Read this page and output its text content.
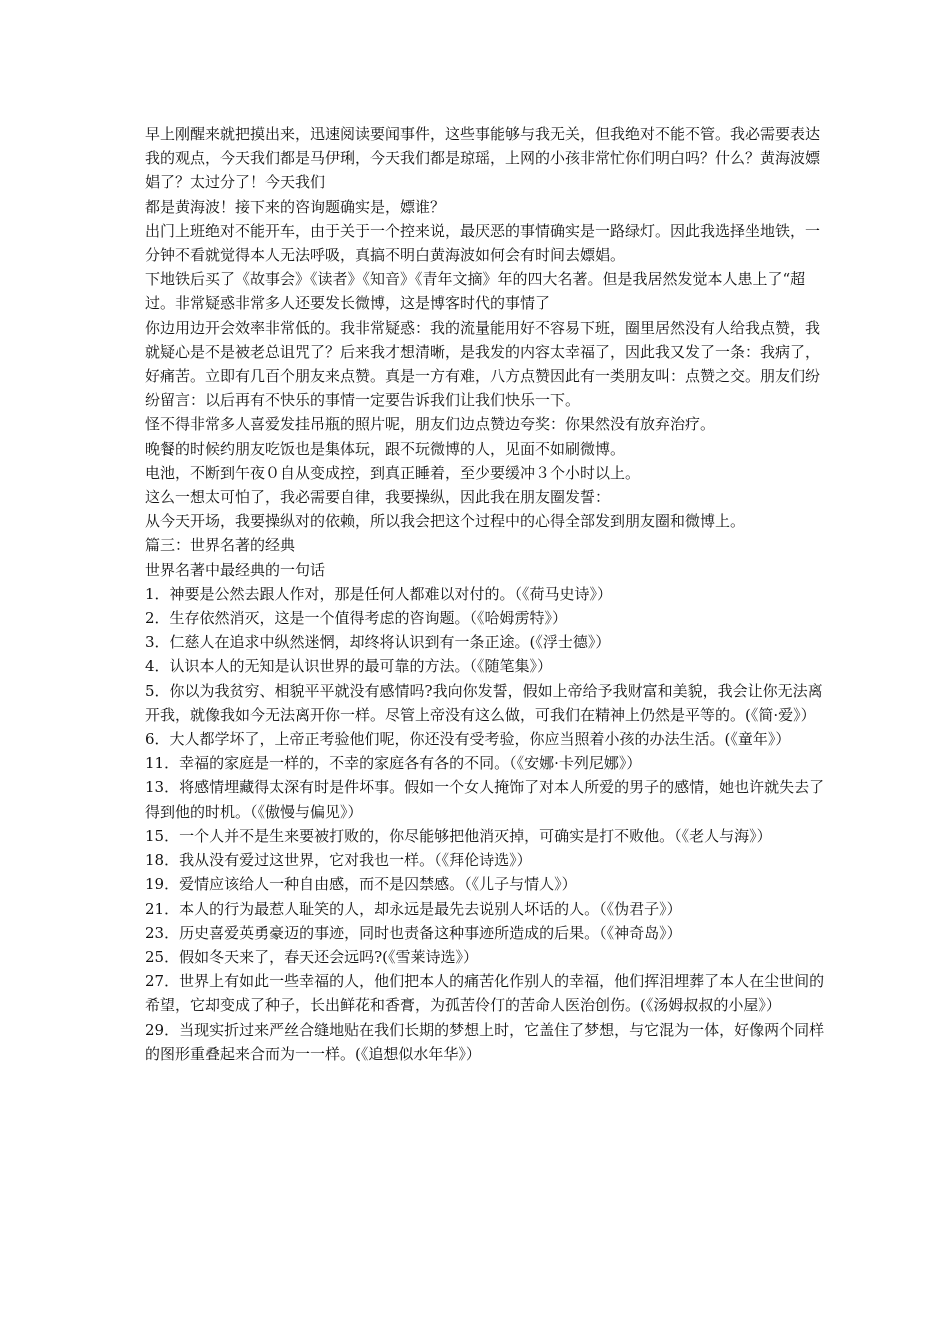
早上刚醒来就把摸出来，迅速阅读要闻事件，这些事能够与我无关，但我绝对不能不管。我必需要表达我的观点，今天我们都是马伊琍，今天我们都是琼瑶，上网的小孩非常忙你们明白吗？什么？黄海波嫖娼了？太过分了！今天我们

都是黄海波！接下来的咨询题确实是，嫖谁？

出门上班绝对不能开车，由于关于一个控来说，最厌恶的事情确实是一路绿灯。因此我选择坐地铁，一分钟不看就觉得本人无法呼吸，真搞不明白黄海波如何会有时间去嫖娼。

下地铁后买了《故事会》《读者》《知音》《青年文摘》年的四大名著。但是我居然发觉本人患上了“超过。非常疑惑非常多人还要发长微博，这是博客时代的事情了

你边用边开会效率非常低的。我非常疑惑：我的流量能用好不容易下班，圈里居然没有人给我点赞，我就疑心是不是被老总诅咒了？后来我才想清晰，是我发的内容太幸福了，因此我又发了一条：我病了，好痛苦。立即有几百个朋友来点赞。真是一方有难，八方点赞因此有一类朋友叫：点赞之交。朋友们纷纷留言：以后再有不快乐的事情一定要告诉我们让我们快乐一下。

怪不得非常多人喜爱发挂吊瓶的照片呢，朋友们边点赞边夸奖：你果然没有放弃治疗。

晚餐的时候约朋友吃饭也是集体玩，跟不玩微博的人，见面不如刷微博。

电池，不断到午夜０自从变成控，到真正睡着，至少要缓冲３个小时以上。

这么一想太可怕了，我必需要自律，我要操纵，因此我在朋友圈发誓：

从今天开场，我要操纵对的依赖，所以我会把这个过程中的心得全部发到朋友圈和微博上。

篇三：世界名著的经典

世界名著中最经典的一句话

1．神要是公然去跟人作对，那是任何人都难以对付的。（《荷马史诗》）

2．生存依然消灭，这是一个值得考虑的咨询题。（《哈姆雳特》）

3．仁慈人在追求中纵然迷惘，却终将认识到有一条正途。(《浮士德》）

4．认识本人的无知是认识世界的最可靠的方法。（《随笔集》）

5．你以为我贫穷、相貌平平就没有感情吗?我向你发誓，假如上帝给予我财富和美貌，我会让你无法离开我，就像我如今无法离开你一样。尽管上帝没有这么做，可我们在精神上仍然是平等的。(《简·爱》）

6．大人都学坏了，上帝正考验他们呢，你还没有受考验，你应当照着小孩的办法生活。(《童年》）

11．幸福的家庭是一样的，不幸的家庭各有各的不同。（《安娜·卡列尼娜》）

13．将感情埋藏得太深有时是件坏事。假如一个女人掩饰了对本人所爱的男子的感情，她也许就失去了得到他的时机。（《傲慢与偏见》）

15．一个人并不是生来要被打败的，你尽能够把他消灭掉，可确实是打不败他。（《老人与海》）

18．我从没有爱过这世界，它对我也一样。（《拜伦诗选》）

19．爱情应该给人一种自由感，而不是囚禁感。（《儿子与情人》）

21．本人的行为最惹人耻笑的人，却永远是最先去说别人坏话的人。（《伪君子》）

23．历史喜爱英勇豪迈的事迹，同时也责备这种事迹所造成的后果。（《神奇岛》）

25．假如冬天来了，春天还会远吗?(《雪莱诗选》）

27．世界上有如此一些幸福的人，他们把本人的痛苦化作别人的幸福，他们挥泪埋葬了本人在尘世间的希望，它却变成了种子，长出鲜花和香膏，为孤苦伶仃的苦命人医治创伤。(《汤姆叔叔的小屋》）

29．当现实折过来严丝合缝地贴在我们长期的梦想上时，它盖住了梦想，与它混为一体，好像两个同样的图形重叠起来合而为一一样。(《追想似水年华》）
